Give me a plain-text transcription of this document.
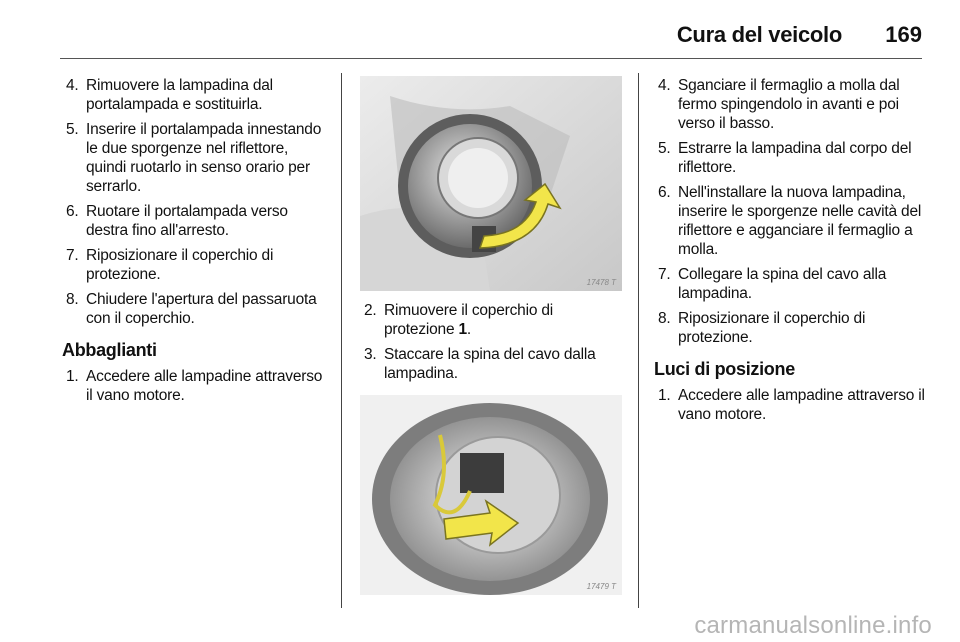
Cura del veicolo 169
4. Rimuovere la lampadina dal portalampada e sostituirla.
5. Inserire il portalampada innestando le due sporgenze nel riflettore, quindi ruotarlo in senso orario per serrarlo.
6. Ruotare il portalampada verso destra fino all'arresto.
7. Riposizionare il coperchio di protezione.
8. Chiudere l'apertura del passaruota con il coperchio.
Abbaglianti
1. Accedere alle lampadine attraverso il vano motore.
17478 T
2. Rimuovere il coperchio di protezione 1.
3. Staccare la spina del cavo dalla lampadina.
17479 T
4. Sganciare il fermaglio a molla dal fermo spingendolo in avanti e poi verso il basso.
5. Estrarre la lampadina dal corpo del riflettore.
6. Nell'installare la nuova lampadina, inserire le sporgenze nelle cavità del riflettore e agganciare il fermaglio a molla.
7. Collegare la spina del cavo alla lampadina.
8. Riposizionare il coperchio di protezione.
Luci di posizione
1. Accedere alle lampadine attraverso il vano motore.
carmanualsonline.info
